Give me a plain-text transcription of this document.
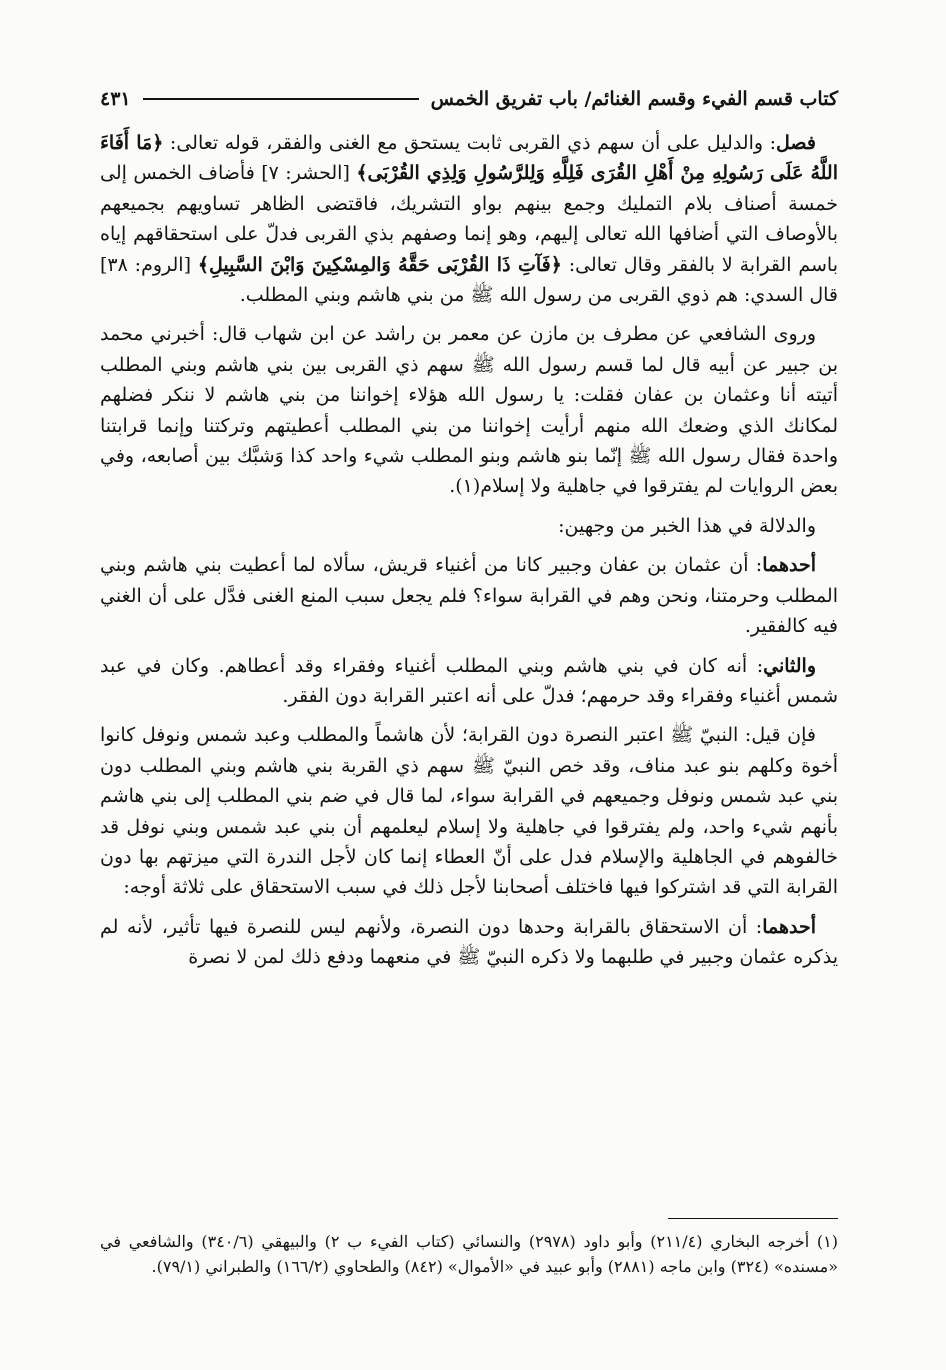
كتاب قسم الفيء وقسم الغنائم/ باب تفريق الخمس
٤٣١

فصل: والدليل على أن سهم ذي القربى ثابت يستحق مع الغنى والفقر، قوله تعالى: ﴿مَا أَفَاءَ اللَّهُ عَلَى رَسُولِهِ مِنْ أَهْلِ القُرَى فَلِلَّهِ وَلِلرَّسُولِ وَلِذِي القُرْبَى﴾ [الحشر: ٧] فأضاف الخمس إلى خمسة أصناف بلام التمليك وجمع بينهم بواو التشريك، فاقتضى الظاهر تساويهم بجميعهم بالأوصاف التي أضافها الله تعالى إليهم، وهو إنما وصفهم بذي القربى فدلّ على استحقاقهم إياه باسم القرابة لا بالفقر وقال تعالى: ﴿فَآتِ ذَا القُرْبَى حَقَّهُ وَالمِسْكِينَ وَابْنَ السَّبِيلِ﴾ [الروم: ٣٨] قال السدي: هم ذوي القربى من رسول الله ﷺ من بني هاشم وبني المطلب.

وروى الشافعي عن مطرف بن مازن عن معمر بن راشد عن ابن شهاب قال: أخبرني محمد بن جبير عن أبيه قال لما قسم رسول الله ﷺ سهم ذي القربى بين بني هاشم وبني المطلب أتيته أنا وعثمان بن عفان فقلت: يا رسول الله هؤلاء إخواننا من بني هاشم لا ننكر فضلهم لمكانك الذي وضعك الله منهم أرأيت إخواننا من بني المطلب أعطيتهم وتركتنا وإنما قرابتنا واحدة فقال رسول الله ﷺ إنّما بنو هاشم وبنو المطلب شيء واحد كذا وَشبَّك بين أصابعه، وفي بعض الروايات لم يفترقوا في جاهلية ولا إسلام(١).

والدلالة في هذا الخبر من وجهين:

أحدهما: أن عثمان بن عفان وجبير كانا من أغنياء قريش، سألاه لما أعطيت بني هاشم وبني المطلب وحرمتنا، ونحن وهم في القرابة سواء؟ فلم يجعل سبب المنع الغنى فدَّل على أن الغني فيه كالفقير.

والثاني: أنه كان في بني هاشم وبني المطلب أغنياء وفقراء وقد أعطاهم. وكان في عبد شمس أغنياء وفقراء وقد حرمهم؛ فدلّ على أنه اعتبر القرابة دون الفقر.

فإن قيل: النبيّ ﷺ اعتبر النصرة دون القرابة؛ لأن هاشماً والمطلب وعبد شمس ونوفل كانوا أخوة وكلهم بنو عبد مناف، وقد خص النبيّ ﷺ سهم ذي القربة بني هاشم وبني المطلب دون بني عبد شمس ونوفل وجميعهم في القرابة سواء، لما قال في ضم بني المطلب إلى بني هاشم بأنهم شيء واحد، ولم يفترقوا في جاهلية ولا إسلام ليعلمهم أن بني عبد شمس وبني نوفل قد خالفوهم في الجاهلية والإسلام فدل على أنّ العطاء إنما كان لأجل الندرة التي ميزتهم بها دون القرابة التي قد اشتركوا فيها فاختلف أصحابنا لأجل ذلك في سبب الاستحقاق على ثلاثة أوجه:

أحدهما: أن الاستحقاق بالقرابة وحدها دون النصرة، ولأنهم ليس للنصرة فيها تأثير، لأنه لم يذكره عثمان وجبير في طلبهما ولا ذكره النبيّ ﷺ في منعهما ودفع ذلك لمن لا نصرة

(١) أخرجه البخاري (٢١١/٤) وأبو داود (٢٩٧٨) والنسائي (كتاب الفيء ب ٢) والبيهقي (٣٤٠/٦) والشافعي في «مسنده» (٣٢٤) وابن ماجه (٢٨٨١) وأبو عبيد في «الأموال» (٨٤٢) والطحاوي (١٦٦/٢) والطبراني (٧٩/١).
